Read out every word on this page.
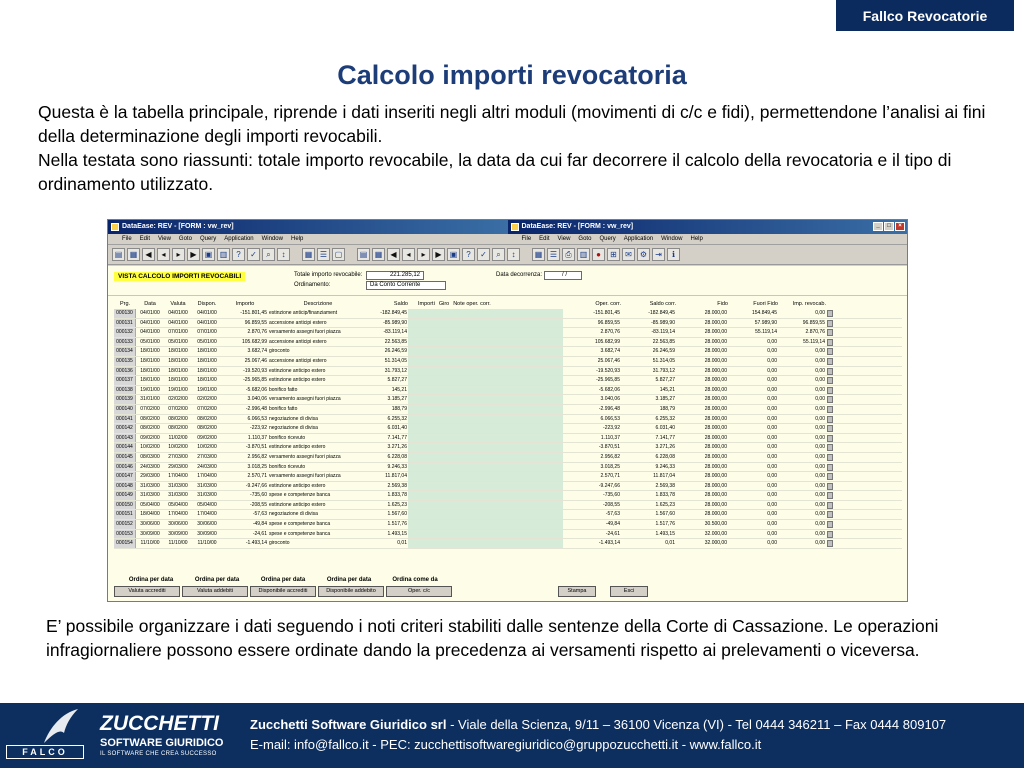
Fallco Revocatorie
Calcolo importi revocatoria

Questa è la tabella principale, riprende i dati inseriti negli altri moduli (movimenti di c/c e fidi), permettendone l’analisi ai fini della determinazione degli importi revocabili.

Nella testata sono riassunti: totale importo revocabile, la data da cui far decorrere il calcolo della revocatoria e il tipo di ordinamento utilizzato.

DataEase: REV - [FORM : vw_rev]	DataEase: REV - [FORM : vw_rev]	_	□	×
File Edit View Goto Query Application Window Help	File Edit View Goto Query Application Window Help
▤ ▦	◀	◂	▸	▶	▣ ▥	?	✓	⌕	↕	▦ ☰ ▢	▤ ▦	◀	◂	▸	▶	▣	?	✓	⌕	↕	▦ ☰	⎙	▥	●	⊞	✉	⚙	⇥	ℹ
VISTA CALCOLO IMPORTI REVOCABILI	Totale importo revocabile:	221.285,12
Ordinamento:	Da Conto Corrente
Data decorrenza:	/ /
Prg.	Data	Valuta	Dispon.	Importo	Descrizione	Saldo Importi Giro Note oper. corr.	Oper. corr.	Saldo corr.	Fido	Fuori Fido	Imp. revocab.
000130	04/01/00	04/01/00	04/01/00	-151.801,45 estinzione anticip/finanziament	-182.849,45	-151.801,45	-182.849,45	28.000,00	154.849,45	0,00
000131	04/01/00	04/01/00	04/01/00	96.859,55 accensione anticipi estero	-85.989,90	96.859,55	-85.989,90	28.000,00	57.989,90	96.859,55
000132	04/01/00	07/01/00	07/01/00	2.870,76 versamento assegni fuori piazza	-83.119,14	2.870,76	-83.119,14	28.000,00	55.119,14	2.870,76
000133	05/01/00	05/01/00	05/01/00	105.682,99 accensione anticipi estero	22.563,85	105.682,99	22.563,85	28.000,00	0,00	55.119,14
000134	18/01/00	18/01/00	18/01/00	3.682,74 giroconto	26.246,59	3.682,74	26.246,59	28.000,00	0,00	0,00
000135	18/01/00	18/01/00	18/01/00	25.067,46 accensione anticipi estero	51.314,05	25.067,46	51.314,05	28.000,00	0,00	0,00
000136	18/01/00	18/01/00	18/01/00	-19.520,93 estinzione anticipo estero	31.793,12	-19.520,93	31.793,12	28.000,00	0,00	0,00
000137	18/01/00	18/01/00	18/01/00	-25.965,85 estinzione anticipo estero	5.827,27	-25.965,85	5.827,27	28.000,00	0,00	0,00
000138	19/01/00	19/01/00	19/01/00	-5.682,06 bonifico fatto	145,21	-5.682,06	145,21	28.000,00	0,00	0,00
000139	31/01/00	02/02/00	02/02/00	3.040,06 versamento assegni fuori piazza	3.185,27	3.040,06	3.185,27	28.000,00	0,00	0,00
000140	07/02/00	07/02/00	07/02/00	-2.996,48 bonifico fatto	188,79	-2.996,48	188,79	28.000,00	0,00	0,00
000141	08/02/00	08/02/00	08/02/00	6.066,53 negoziazione di divisa	6.255,32	6.066,53	6.255,32	28.000,00	0,00	0,00
000142	08/02/00	08/02/00	08/02/00	-223,92 negoziazione di divisa	6.031,40	-223,92	6.031,40	28.000,00	0,00	0,00
000143	09/02/00	11/02/00	09/02/00	1.110,37 bonifico ricevuto	7.141,77	1.110,37	7.141,77	28.000,00	0,00	0,00
000144	10/02/00	10/02/00	10/02/00	-3.870,51 estinzione anticipo estero	3.271,26	-3.870,51	3.271,26	28.000,00	0,00	0,00
000145	08/03/00	27/03/00	27/03/00	2.956,82 versamento assegni fuori piazza	6.228,08	2.956,82	6.228,08	28.000,00	0,00	0,00
000146	24/03/00	29/03/00	24/03/00	3.018,25 bonifico ricevuto	9.246,33	3.018,25	9.246,33	28.000,00	0,00	0,00
000147	29/03/00	17/04/00	17/04/00	2.570,71 versamento assegni fuori piazza	11.817,04	2.570,71	11.817,04	28.000,00	0,00	0,00
000148	31/03/00	31/03/00	31/03/00	-9.247,66 estinzione anticipo estero	2.569,38	-9.247,66	2.569,38	28.000,00	0,00	0,00
000149	31/03/00	31/03/00	31/03/00	-735,60 spese e competenze banca	1.833,78	-735,60	1.833,78	28.000,00	0,00	0,00
000150	05/04/00	05/04/00	05/04/00	-208,55 estinzione anticipo estero	1.625,23	-208,55	1.625,23	28.000,00	0,00	0,00
000151	18/04/00	17/04/00	17/04/00	-57,63 negoziazione di divisa	1.567,60	-57,63	1.567,60	28.000,00	0,00	0,00
000152	30/06/00	30/06/00	30/06/00	-49,84 spese e competenze banca	1.517,76	-49,84	1.517,76	30.500,00	0,00	0,00
000153	30/09/00	30/09/00	30/09/00	-24,61 spese e competenze banca	1.493,15	-24,61	1.493,15	32.000,00	0,00	0,00
000154	11/10/00	11/10/00	11/10/00	-1.493,14 giroconto	0,01	-1.493,14	0,01	32.000,00	0,00	0,00
Ordina per data	Ordina per data	Ordina per data	Ordina per data	Ordina come da
Valuta accrediti	Valuta addebiti	Disponibile accrediti	Disponibile addebito	Oper. c/c	Stampa	Esci
E’ possibile organizzare i dati seguendo i noti criteri stabiliti dalle sentenze della Corte di Cassazione. Le operazioni infragiornaliere possono essere ordinate dando la precedenza ai versamenti rispetto ai prelevamenti o viceversa.
FALCO
ZUCCHETTI
SOFTWARE GIURIDICO
IL SOFTWARE CHE CREA SUCCESSO
Zucchetti Software Giuridico srl - Viale della Scienza, 9/11 – 36100 Vicenza (VI) - Tel 0444 346211 – Fax 0444 809107
E-mail: info@fallco.it - PEC: zucchettisoftwaregiuridico@gruppozucchetti.it - www.fallco.it
